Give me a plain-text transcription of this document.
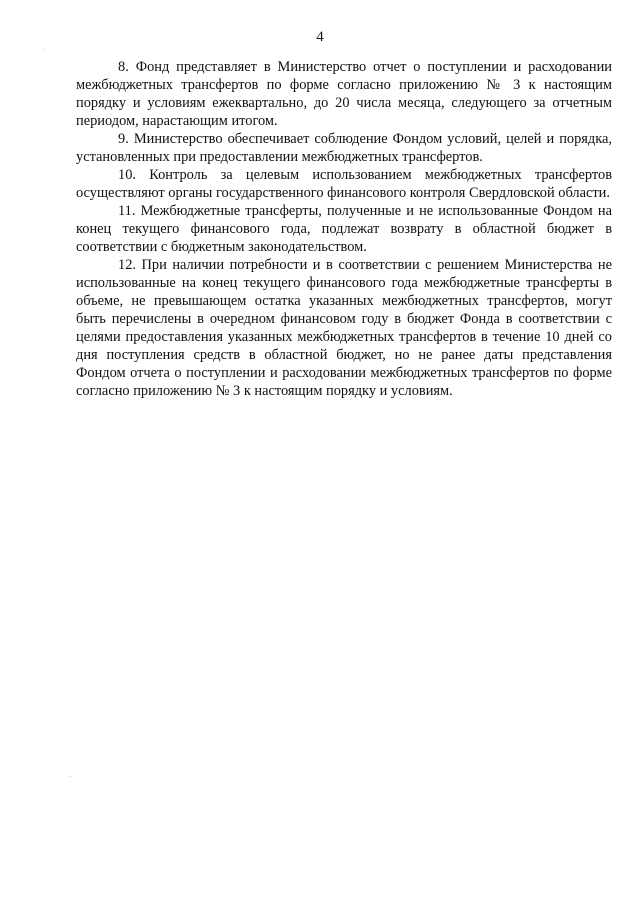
4

8. Фонд представляет в Министерство отчет о поступлении и расходовании межбюджетных трансфертов по форме согласно приложению № 3 к настоящим порядку и условиям ежеквартально, до 20 числа месяца, следующего за отчетным периодом, нарастающим итогом.

9. Министерство обеспечивает соблюдение Фондом условий, целей и порядка, установленных при предоставлении межбюджетных трансфертов.

10. Контроль за целевым использованием межбюджетных трансфертов осуществляют органы государственного финансового контроля Свердловской области.

11. Межбюджетные трансферты, полученные и не использованные Фондом на конец текущего финансового года, подлежат возврату в областной бюджет в соответствии с бюджетным законодательством.

12. При наличии потребности и в соответствии с решением Министерства не использованные на конец текущего финансового года межбюджетные трансферты в объеме, не превышающем остатка указанных межбюджетных трансфертов, могут быть перечислены в очередном финансовом году в бюджет Фонда в соответствии с целями предоставления указанных межбюджетных трансфертов в течение 10 дней со дня поступления средств в областной бюджет, но не ранее даты представления Фондом отчета о поступлении и расходовании межбюджетных трансфертов по форме согласно приложению № 3 к настоящим порядку и условиям.
